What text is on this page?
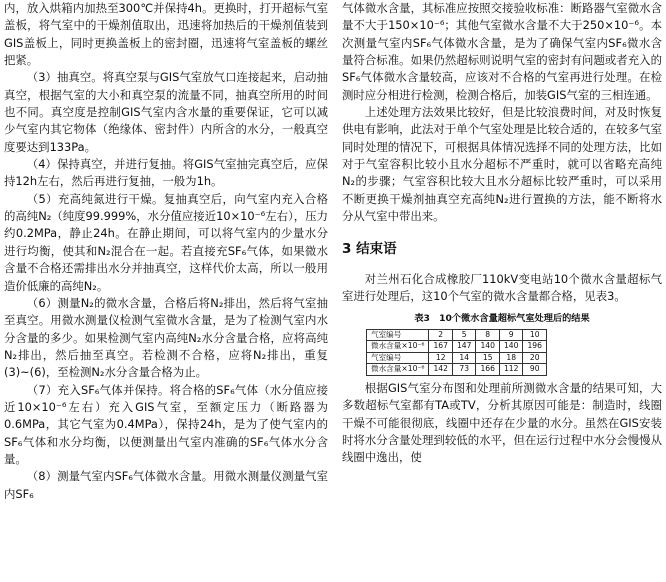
内，放入烘箱内加热至300℃并保持4h。更换时，打开超标气室盖板，将气室中的干燥剂值取出，迅速将加热后的干燥剂值装到GIS盖板上，同时更换盖板上的密封圈，迅速将气室盖板的螺丝把紧。

（3）抽真空。将真空泵与GIS气室放气口连接起来，启动抽真空，根据气室的大小和真空泵的流量不同，抽真空所用的时间也不同。真空度是控制GIS气室内含水量的重要保证，它可以减少气室内其它物体（绝缘体、密封件）内所含的水分，一般真空度要达到133Pa。

（4）保持真空，并进行复抽。将GIS气室抽完真空后，应保持12h左右，然后再进行复抽，一般为1h。

（5）充高纯氮进行干燥。复抽真空后，向气室内充入合格的高纯N₂（纯度99.999%，水分值应接近10×10⁻⁶左右），压力约0.2MPa，静止24h。在静止期间，可以将气室内的少量水分进行均衡，使其和N₂混合在一起。若直接充SF₆气体，如果微水含量不合格还需排出水分并抽真空，这样代价太高，所以一般用造价低廉的高纯N₂。

（6）测量N₂的微水含量，合格后将N₂排出，然后将气室抽至真空。用微水测量仪检测气室微水含量，是为了检测气室内水分含量的多少。如果检测气室内高纯N₂水分含量合格，应将高纯N₂排出，然后抽至真空。若检测不合格，应将N₂排出，重复(3)~(6)，至检测N₂水分含量合格为止。

（7）充入SF₆气体并保持。将合格的SF₆气体（水分值应接近10×10⁻⁶左右）充入GIS气室，至额定压力（断路器为0.6MPa，其它气室为0.4MPa），保持24h，是为了使气室内的SF₆气体和水分均衡，以便测量出气室内准确的SF₆气体水分含量。

（8）测量气室内SF₆气体微水含量。用微水测量仪测量气室内SF₆

气体微水含量，其标准应按照交接验收标准：断路器气室微水含量不大于150×10⁻⁶；其他气室微水含量不大于250×10⁻⁶。本次测量气室内SF₆气体微水含量，是为了确保气室内SF₆微水含量符合标准。如果仍然超标则说明气室的密封有问题或者充入的SF₆气体微水含量较高，应该对不合格的气室再进行处理。在检测时应分相进行检测，检测合格后，加装GIS气室的三相连通。

上述处理方法效果比较好，但是比较浪费时间，对及时恢复供电有影响，此法对于单个气室处理是比较合适的，在较多气室同时处理的情况下，可根据具体情况选择不同的处理方法，比如对于气室容积比较小且水分超标不严重时，就可以省略充高纯N₂的步骤；气室容积比较大且水分超标比较严重时，可以采用不断更换干燥剂抽真空充高纯N₂进行置换的方法，能不断将水分从气室中带出来。

3 结束语

对兰州石化合成橡胶厂110kV变电站10个微水含量超标气室进行处理后，这10个气室的微水含量都合格，见表3。

表3　10个微水含量超标气室处理后的结果
气室编号	2	5	8	9	10
微水含量×10⁻⁶	167	147	140	140	196
气室编号	12	14	15	18	20
微水含量×10⁻⁶	142	73	166	112	90

根据GIS气室分布图和处理前所测微水含量的结果可知，大多数超标气室都有TA或TV，分析其原因可能是：制造时，线圈干燥不可能很彻底，线圈中还存在少量的水分。虽然在GIS安装时将水分含量处理到较低的水平，但在运行过程中水分会慢慢从线圈中逸出，使
